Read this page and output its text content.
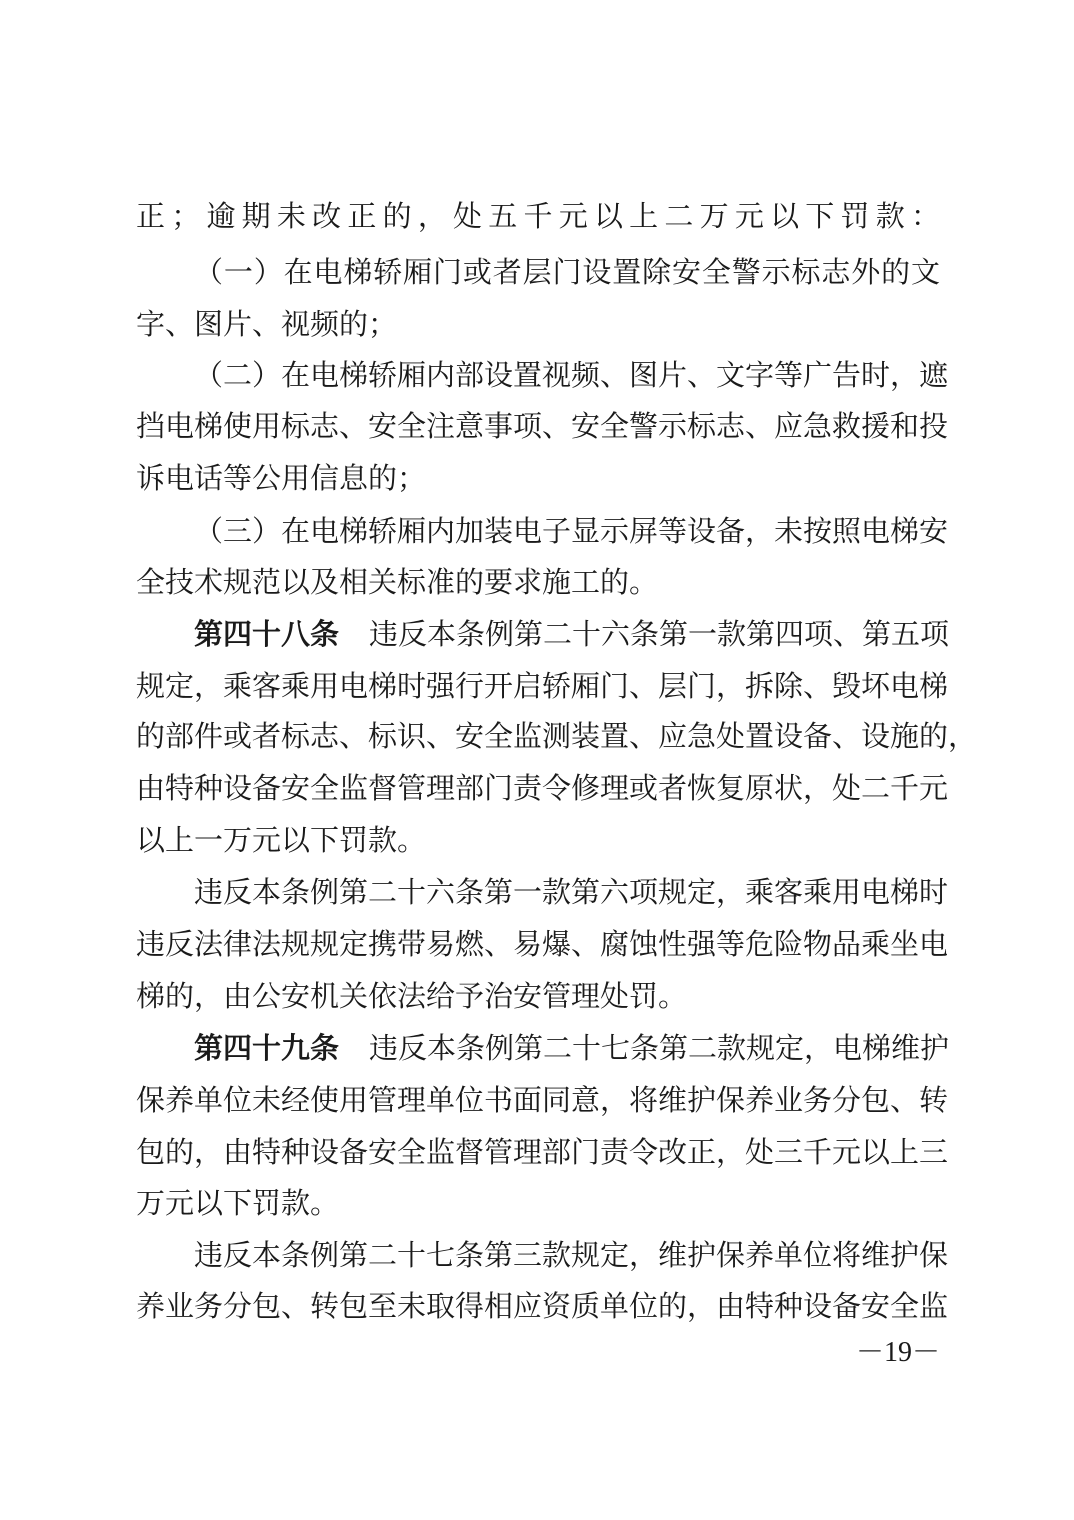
正；逾期未改正的，处五千元以上二万元以下罚款：
（一）在电梯轿厢门或者层门设置除安全警示标志外的文
字、图片、视频的；
（二）在电梯轿厢内部设置视频、图片、文字等广告时，遮
挡电梯使用标志、安全注意事项、安全警示标志、应急救援和投
诉电话等公用信息的；
（三）在电梯轿厢内加装电子显示屏等设备，未按照电梯安
全技术规范以及相关标准的要求施工的。
第四十八条 违反本条例第二十六条第一款第四项、第五项
规定，乘客乘用电梯时强行开启轿厢门、层门，拆除、毁坏电梯
的部件或者标志、标识、安全监测装置、应急处置设备、设施的，
由特种设备安全监督管理部门责令修理或者恢复原状，处二千元
以上一万元以下罚款。
违反本条例第二十六条第一款第六项规定，乘客乘用电梯时
违反法律法规规定携带易燃、易爆、腐蚀性强等危险物品乘坐电
梯的，由公安机关依法给予治安管理处罚。
第四十九条 违反本条例第二十七条第二款规定，电梯维护
保养单位未经使用管理单位书面同意，将维护保养业务分包、转
包的，由特种设备安全监督管理部门责令改正，处三千元以上三
万元以下罚款。
违反本条例第二十七条第三款规定，维护保养单位将维护保
养业务分包、转包至未取得相应资质单位的，由特种设备安全监
－19－
